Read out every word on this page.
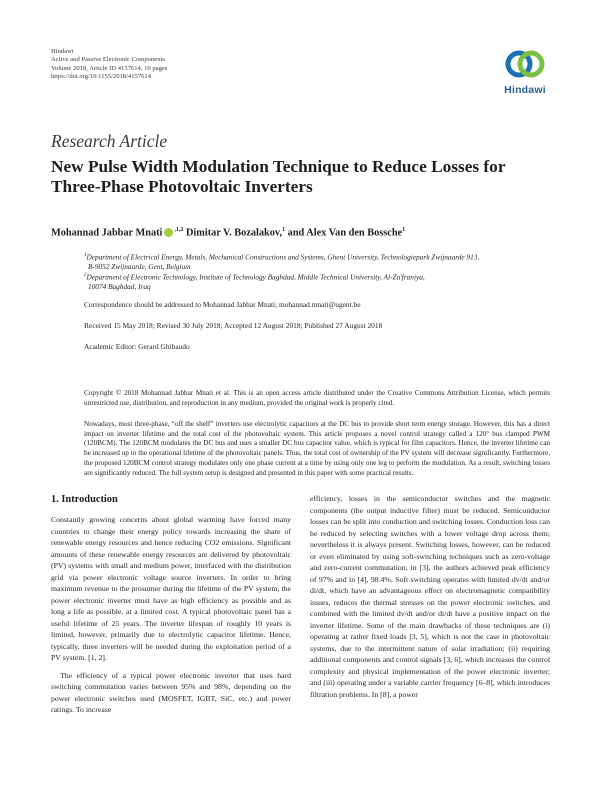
Hindawi
Active and Passive Electronic Components
Volume 2018, Article ID 4157614, 10 pages
https://doi.org/10.1155/2018/4157614
Hindawi
Research Article
New Pulse Width Modulation Technique to Reduce Losses for
Three-Phase Photovoltaic Inverters
Mohannad Jabbar Mnati $^{,1,2}$ Dimitar V. Bozalakov,$^1$ and Alex Van den Bossche$^1$
$^1$Department of Electrical Energy, Metals, Mechanical Constructions and Systems, Ghent University, Technologiepark Zwijnaarde 913,
B-9052 Zwijnaarde, Gent, Belgium
$^2$Department of Electronic Technology, Institute of Technology Baghdad, Middle Technical University, Al-Za'franiya,
10074 Baghdad, Iraq
Correspondence should be addressed to Mohannad Jabbar Mnati; mohannad.mnati@ugent.be
Received 15 May 2018; Revised 30 July 2018; Accepted 12 August 2018; Published 27 August 2018
Academic Editor: Gerard Ghibaudo
Copyright © 2018 Mohannad Jabbar Mnati et al. This is an open access article distributed under the Creative Commons Attribution License, which permits unrestricted use, distribution, and reproduction in any medium, provided the original work is properly cited.
Nowadays, most three-phase, “off the shelf” inverters use electrolytic capacitors at the DC bus to provide short term energy storage. However, this has a direct impact on inverter lifetime and the total cost of the photovoltaic system. This article proposes a novel control strategy called a 120° bus clamped PWM (120BCM). The 120BCM modulates the DC bus and uses a smaller DC bus capacitor value, which is typical for film capacitors. Hence, the inverter lifetime can be increased up to the operational lifetime of the photovoltaic panels. Thus, the total cost of ownership of the PV system will decrease significantly. Furthermore, the proposed 120BCM control strategy modulates only one phase current at a time by using only one leg to perform the modulation. As a result, switching losses are significantly reduced. The full system setup is designed and presented in this paper with some practical results.
1. Introduction

Constantly growing concerns about global warming have forced many countries to change their energy policy towards increasing the share of renewable energy resources and hence reducing CO2 emissions. Significant amounts of these renewable energy resources are delivered by photovoltaic (PV) systems with small and medium power, interfaced with the distribution grid via power electronic voltage source inverters. In order to bring maximum revenue to the prosumer during the lifetime of the PV system, the power electronic inverter must have as high efficiency as possible and as long a life as possible, at a limited cost. A typical photovoltaic panel has a useful lifetime of 25 years. The inverter lifespan of roughly 10 years is limited, however, primarily due to electrolytic capacitor lifetime. Hence, typically, three inverters will be needed during the exploitation period of a PV system. [1, 2].

The efficiency of a typical power electronic inverter that uses hard switching commutation varies between 95% and 98%, depending on the power electronic switches used (MOSFET, IGBT, SiC, etc.) and power ratings. To increase

efficiency, losses in the semiconductor switches and the magnetic components (the output inductive filter) must be reduced. Semiconductor losses can be split into conduction and switching losses. Conduction loss can be reduced by selecting switches with a lower voltage drop across them; nevertheless it is always present. Switching losses, however, can be reduced or even eliminated by using soft-switching techniques such as zero-voltage and zero-current commutation; in [3], the authors achieved peak efficiency of 97% and in [4], 98.4%. Soft switching operates with limited dv/dt and/or di/dt, which have an advantageous effect on electromagnetic compatibility issues, reduces the thermal stresses on the power electronic switches, and combined with the limited dv/dt and/or di/dt have a positive impact on the inverter lifetime. Some of the main drawbacks of these techniques are (i) operating at rather fixed loads [3, 5], which is not the case in photovoltaic systems, due to the intermittent nature of solar irradiation; (ii) requiring additional components and control signals [3, 6], which increases the control complexity and physical implementation of the power electronic inverter; and (iii) operating under a variable carrier frequency [6–8], which introduces filtration problems. In [8], a power
